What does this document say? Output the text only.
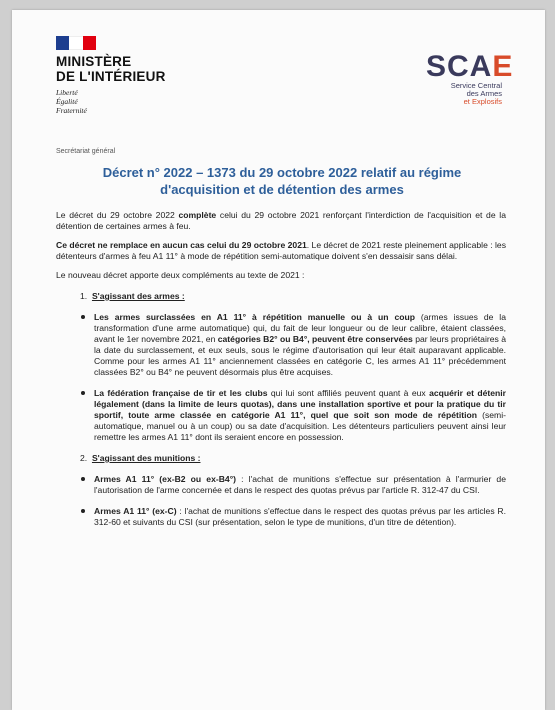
MINISTÈRE
DE L'INTÉRIEUR
Liberté
Égalité
Fraternité
SCAE
Service Central
des Armes
et Explosifs
Secrétariat général
Décret n° 2022 – 1373 du 29 octobre 2022 relatif au régime
d'acquisition et de détention des armes

Le décret du 29 octobre 2022 complète celui du 29 octobre 2021 renforçant l'interdiction de l'acquisition et de la détention de certaines armes à feu.

Ce décret ne remplace en aucun cas celui du 29 octobre 2021. Le décret de 2021 reste pleinement applicable : les détenteurs d'armes à feu A1 11° à mode de répétition semi-automatique doivent s'en dessaisir sans délai.

Le nouveau décret apporte deux compléments au texte de 2021 :

1. S'agissant des armes :
Les armes surclassées en A1 11° à répétition manuelle ou à un coup (armes issues de la transformation d'une arme automatique) qui, du fait de leur longueur ou de leur calibre, étaient classées, avant le 1er novembre 2021, en catégories B2° ou B4°, peuvent être conservées par leurs propriétaires à la date du surclassement, et eux seuls, sous le régime d'autorisation qui leur était auparavant applicable. Comme pour les armes A1 11° anciennement classées en catégorie C, les armes A1 11° précédemment classées B2° ou B4° ne peuvent désormais plus être acquises.
La fédération française de tir et les clubs qui lui sont affiliés peuvent quant à eux acquérir et détenir légalement (dans la limite de leurs quotas), dans une installation sportive et pour la pratique du tir sportif, toute arme classée en catégorie A1 11°, quel que soit son mode de répétition (semi-automatique, manuel ou à un coup) ou sa date d'acquisition. Les détenteurs particuliers peuvent ainsi leur remettre les armes A1 11° dont ils seraient encore en possession.
2. S'agissant des munitions :
Armes A1 11° (ex-B2 ou ex-B4°) : l'achat de munitions s'effectue sur présentation à l'armurier de l'autorisation de l'arme concernée et dans le respect des quotas prévus par l'article R. 312-47 du CSI.
Armes A1 11° (ex-C) : l'achat de munitions s'effectue dans le respect des quotas prévus par les articles R. 312-60 et suivants du CSI (sur présentation, selon le type de munitions, d'un titre de détention).
